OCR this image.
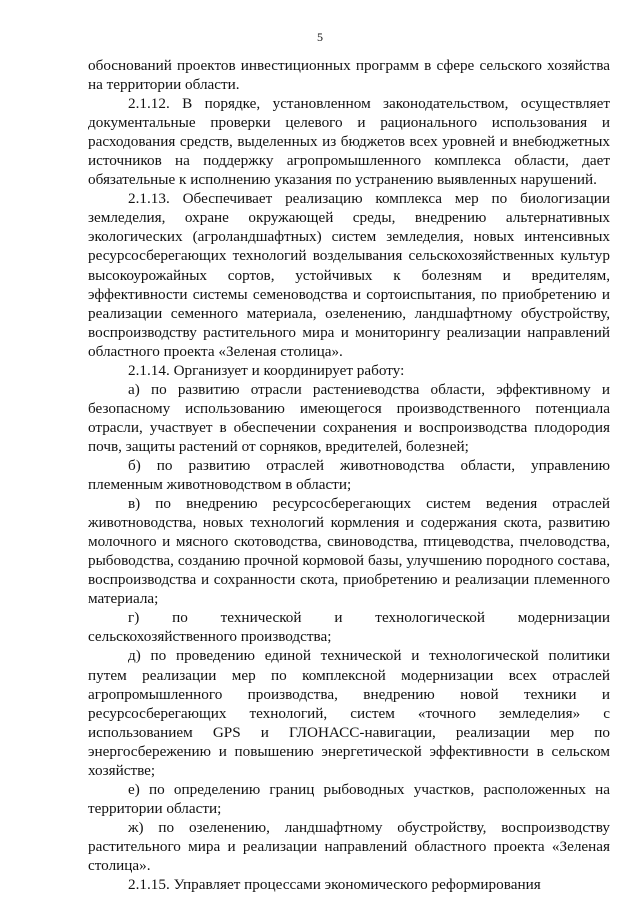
5

обоснований проектов инвестиционных программ в сфере сельского хозяйства на территории области.

2.1.12. В порядке, установленном законодательством, осуществляет документальные проверки целевого и рационального использования и расходования средств, выделенных из бюджетов всех уровней и внебюджетных источников на поддержку агропромышленного комплекса области, дает обязательные к исполнению указания по устранению выявленных нарушений.

2.1.13. Обеспечивает реализацию комплекса мер по биологизации земледелия, охране окружающей среды, внедрению альтернативных экологических (агроландшафтных) систем земледелия, новых интенсивных ресурсосберегающих технологий возделывания сельскохозяйственных культур высокоурожайных сортов, устойчивых к болезням и вредителям, эффективности системы семеноводства и сортоиспытания, по приобретению и реализации семенного материала, озеленению, ландшафтному обустройству, воспроизводству растительного мира и мониторингу реализации направлений областного проекта «Зеленая столица».

2.1.14. Организует и координирует работу:

а) по развитию отрасли растениеводства области, эффективному и безопасному использованию имеющегося производственного потенциала отрасли, участвует в обеспечении сохранения и воспроизводства плодородия почв, защиты растений от сорняков, вредителей, болезней;

б) по развитию отраслей животноводства области, управлению племенным животноводством в области;

в) по внедрению ресурсосберегающих систем ведения отраслей животноводства, новых технологий кормления и содержания скота, развитию молочного и мясного скотоводства, свиноводства, птицеводства, пчеловодства, рыбоводства, созданию прочной кормовой базы, улучшению породного состава, воспроизводства и сохранности скота, приобретению и реализации племенного материала;

г) по технической и технологической модернизации сельскохозяйственного производства;

д) по проведению единой технической и технологической политики путем реализации мер по комплексной модернизации всех отраслей агропромышленного производства, внедрению новой техники и ресурсосберегающих технологий, систем «точного земледелия» с использованием GPS и ГЛОНАСС-навигации, реализации мер по энергосбережению и повышению энергетической эффективности в сельском хозяйстве;

е) по определению границ рыбоводных участков, расположенных на территории области;

ж) по озеленению, ландшафтному обустройству, воспроизводству растительного мира и реализации направлений областного проекта «Зеленая столица».

2.1.15. Управляет процессами экономического реформирования
